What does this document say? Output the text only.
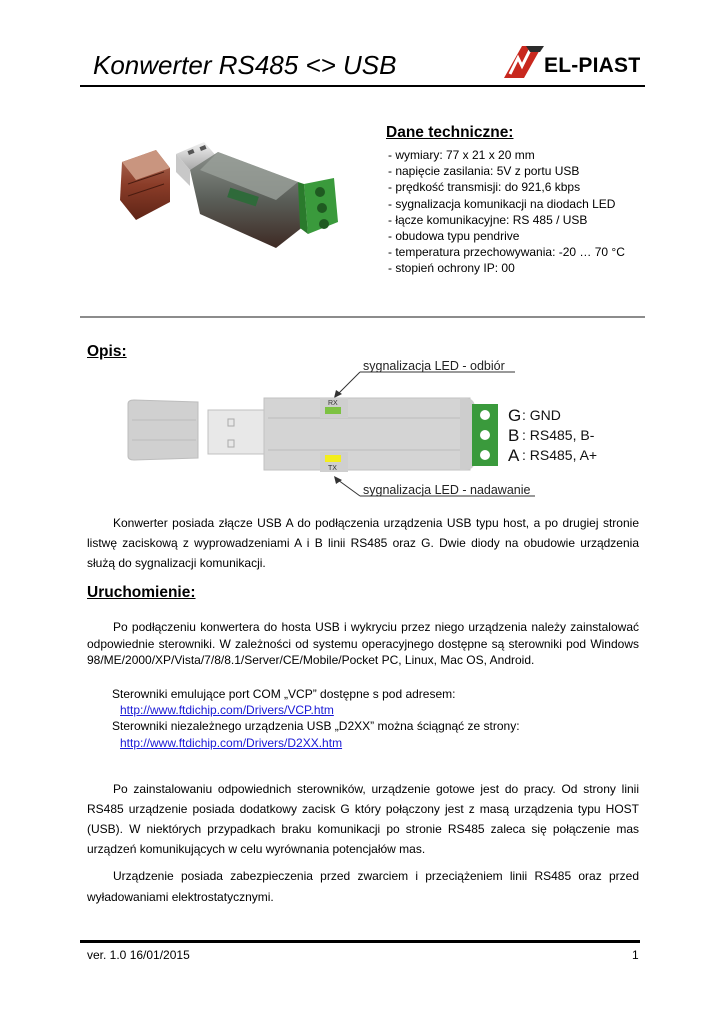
Konwerter RS485 <> USB	EL-PIAST
Dane techniczne:
- wymiary: 77 x 21 x 20 mm
- napięcie zasilania: 5V z portu USB
- prędkość transmisji: do 921,6 kbps
- sygnalizacja komunikacji na diodach LED
- łącze komunikacyjne: RS 485 / USB
- obudowa typu pendrive
- temperatura przechowywania: -20 … 70 °C
- stopień ochrony IP: 00
Opis:
sygnalizacja LED - odbiór
RX
TX
G : GND
B : RS485, B-
A : RS485, A+
sygnalizacja LED - nadawanie

Konwerter posiada złącze USB A do podłączenia urządzenia USB typu host, a po drugiej stronie listwę zaciskową z wyprowadzeniami A i B linii RS485 oraz G. Dwie diody na obudowie urządzenia służą do sygnalizacji komunikacji.

Uruchomienie:

Po podłączeniu konwertera do hosta USB i wykryciu przez niego urządzenia należy zainstalować odpowiednie sterowniki. W zależności od systemu operacyjnego dostępne są sterowniki pod Windows 98/ME/2000/XP/Vista/7/8/8.1/Server/CE/Mobile/Pocket PC, Linux, Mac OS, Android.

Sterowniki emulujące port COM „VCP” dostępne s pod adresem:
http://www.ftdichip.com/Drivers/VCP.htm
Sterowniki niezależnego urządzenia USB „D2XX” można ściągnąć ze strony:
http://www.ftdichip.com/Drivers/D2XX.htm

Po zainstalowaniu odpowiednich sterowników, urządzenie gotowe jest do pracy. Od strony linii RS485 urządzenie posiada dodatkowy zacisk G który połączony jest z masą urządzenia typu HOST (USB). W niektórych przypadkach braku komunikacji po stronie RS485 zaleca się połączenie mas urządzeń komunikujących w celu wyrównania potencjałów mas.

Urządzenie posiada zabezpieczenia przed zwarciem i przeciążeniem linii RS485 oraz przed wyładowaniami elektrostatycznymi.

ver. 1.0 16/01/2015	1
